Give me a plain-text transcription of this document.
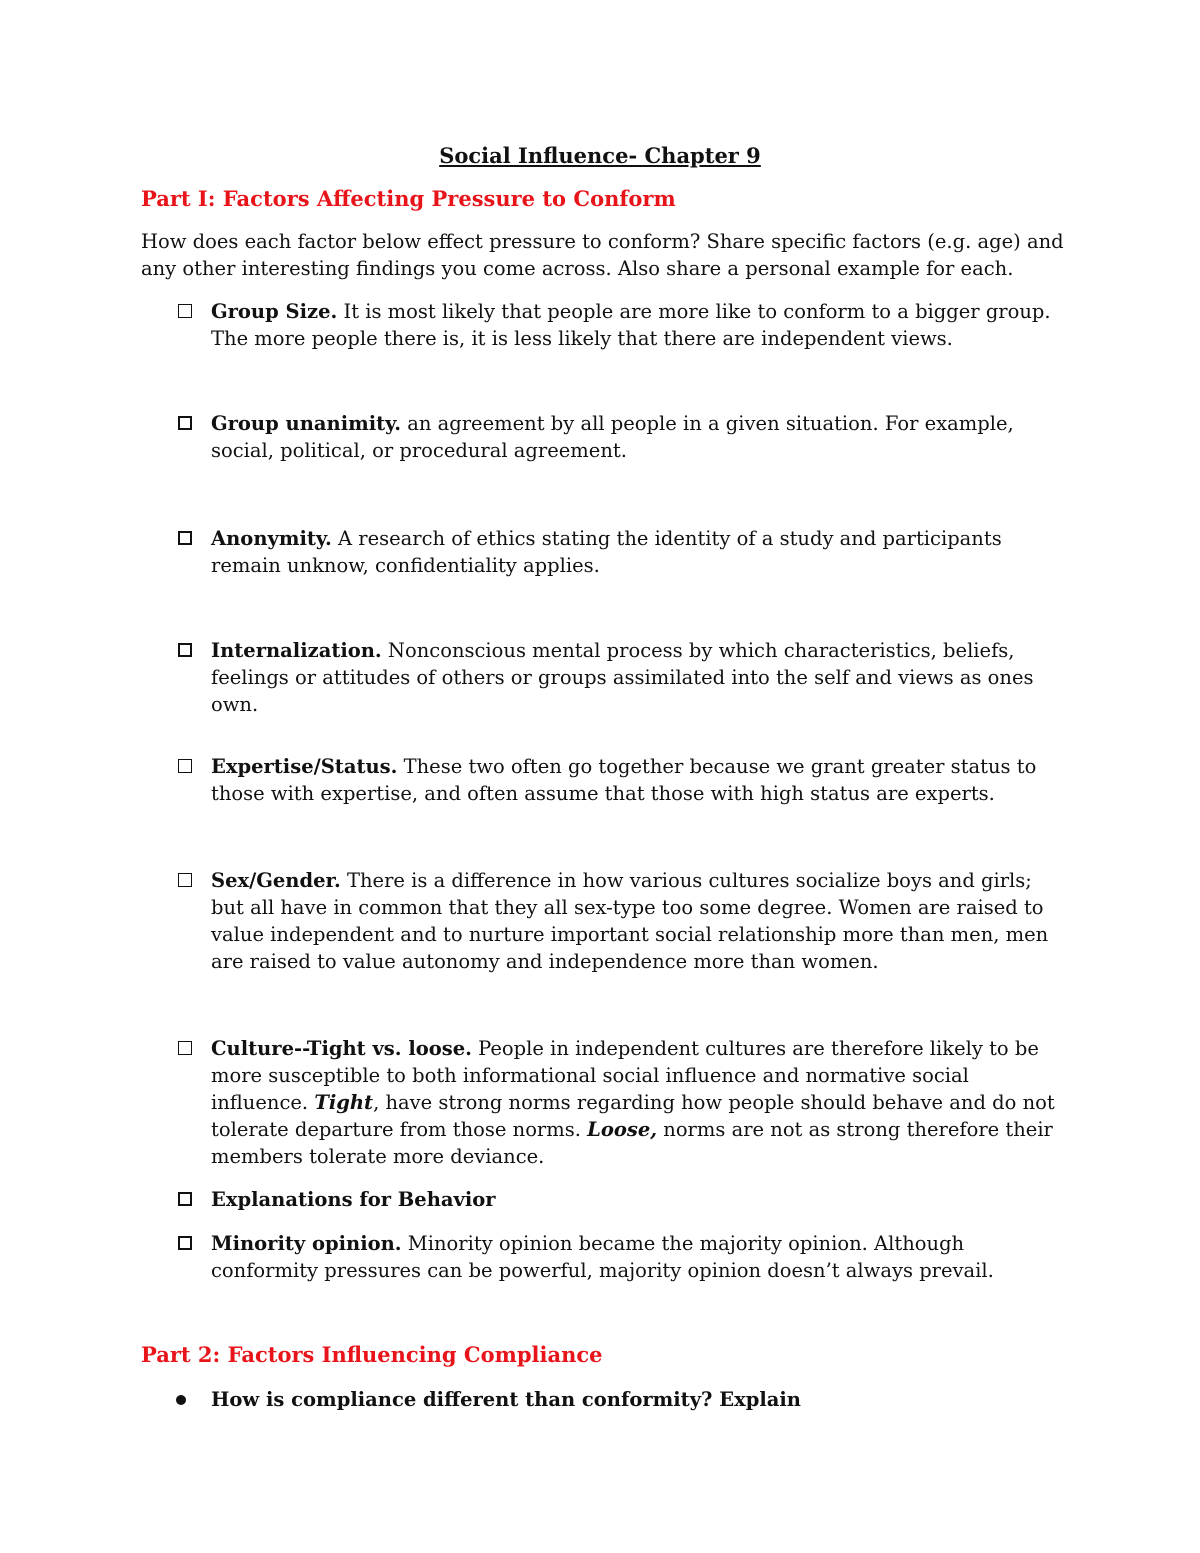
Social Influence- Chapter 9
Part I: Factors Affecting Pressure to Conform
How does each factor below effect pressure to conform? Share specific factors (e.g. age) and any other interesting findings you come across. Also share a personal example for each.
Group Size. It is most likely that people are more like to conform to a bigger group. The more people there is, it is less likely that there are independent views.
Group unanimity. an agreement by all people in a given situation. For example, social, political, or procedural agreement.
Anonymity. A research of ethics stating the identity of a study and participants remain unknow, confidentiality applies.
Internalization. Nonconscious mental process by which characteristics, beliefs, feelings or attitudes of others or groups assimilated into the self and views as ones own.
Expertise/Status. These two often go together because we grant greater status to those with expertise, and often assume that those with high status are experts.
Sex/Gender. There is a difference in how various cultures socialize boys and girls; but all have in common that they all sex-type too some degree. Women are raised to value independent and to nurture important social relationship more than men, men are raised to value autonomy and independence more than women.
Culture--Tight vs. loose. People in independent cultures are therefore likely to be more susceptible to both informational social influence and normative social influence. Tight, have strong norms regarding how people should behave and do not tolerate departure from those norms. Loose, norms are not as strong therefore their members tolerate more deviance.
Explanations for Behavior
Minority opinion. Minority opinion became the majority opinion. Although conformity pressures can be powerful, majority opinion doesn’t always prevail.
Part 2: Factors Influencing Compliance
How is compliance different than conformity? Explain
